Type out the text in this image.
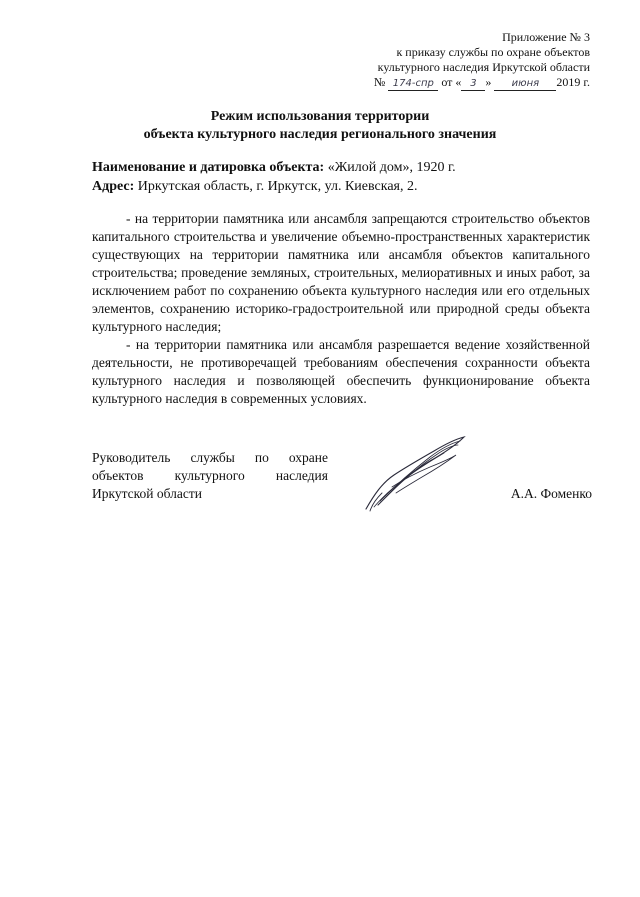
Приложение № 3
к приказу службы по охране объектов
культурного наследия Иркутской области
№ 174-спр от « 3 » июня 2019 г.
Режим использования территории
объекта культурного наследия регионального значения
Наименование и датировка объекта: «Жилой дом», 1920 г.
Адрес: Иркутская область, г. Иркутск, ул. Киевская, 2.

- на территории памятника или ансамбля запрещаются строительство объектов капитального строительства и увеличение объемно-пространственных характеристик существующих на территории памятника или ансамбля объектов капитального строительства; проведение земляных, строительных, мелиоративных и иных работ, за исключением работ по сохранению объекта культурного наследия или его отдельных элементов, сохранению историко-градостроительной или природной среды объекта культурного наследия;

- на территории памятника или ансамбля разрешается ведение хозяйственной деятельности, не противоречащей требованиям обеспечения сохранности объекта культурного наследия и позволяющей обеспечить функционирование объекта культурного наследия в современных условиях.

Руководитель службы по охране
объектов культурного наследия
Иркутской области	А.А. Фоменко
